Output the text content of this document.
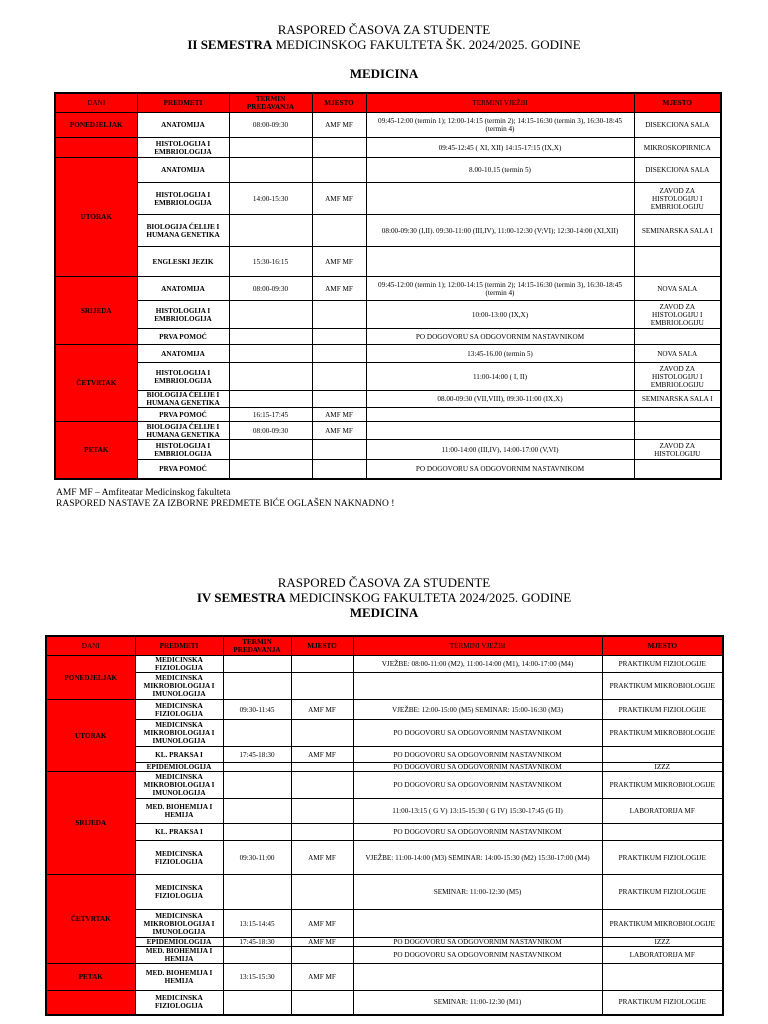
RASPORED ČASOVA ZA STUDENTE
II SEMESTRA MEDICINSKOG FAKULTETA ŠK. 2024/2025. GODINE
MEDICINA
DANI	PREDMETI	TERMIN PREDAVANJA	MJESTO	TERMINI VJEŽBI	MJESTO
PONEDJELJAK	ANATOMIJA	08:00-09:30	AMF MF	09:45-12:00 (termin 1); 12:00-14:15 (termin 2); 14:15-16:30 (termin 3), 16:30-18:45 (termin 4)	DISEKCIONA SALA
	HISTOLOGIJA I EMBRIOLOGIJA			09:45-12:45 ( XI, XII) 14:15-17:15 (IX,X)	MIKROSKOPIRNICA
UTORAK	ANATOMIJA			8.00-10.15 (termin 5)	DISEKCIONA SALA
	HISTOLOGIJA I EMBRIOLOGIJA	14:00-15:30	AMF MF		ZAVOD ZA HISTOLOGIJU I EMBRIOLOGIJU
	BIOLOGIJA ĆELIJE I HUMANA GENETIKA			08:00-09:30 (I,II). 09:30-11:00 (III,IV), 11:00-12:30 (V;VI); 12:30-14:00 (XI,XII)	SEMINARSKA SALA I
	ENGLESKI JEZIK	15:30-16:15	AMF MF		
SRIJEDA	ANATOMIJA	08:00-09:30	AMF MF	09:45-12:00 (termin 1); 12:00-14:15 (termin 2); 14:15-16:30 (termin 3), 16:30-18:45 (termin 4)	NOVA SALA
	HISTOLOGIJA I EMBRIOLOGIJA			10:00-13:00 (IX,X)	ZAVOD ZA HISTOLOGIJU I EMBRIOLOGIJU
	PRVA POMOĆ			PO DOGOVORU SA ODGOVORNIM NASTAVNIKOM	
ČETVRTAK	ANATOMIJA			13:45-16.00 (termin 5)	NOVA SALA
	HISTOLOGIJA I EMBRIOLOGIJA			11:00-14:00 ( I, II)	ZAVOD ZA HISTOLOGIJU I EMBRIOLOGIJU
	BIOLOGIJA ĆELIJE I HUMANA GENETIKA			08.00-09:30 (VII,VIII), 09:30-11:00 (IX,X)	SEMINARSKA SALA I
	PRVA POMOĆ	16:15-17:45	AMF MF		
PETAK	BIOLOGIJA ĆELIJE I HUMANA GENETIKA	08:00-09:30	AMF MF		
	HISTOLOGIJA I EMBRIOLOGIJA			11:00-14:00 (III,IV), 14:00-17:00 (V,VI)	ZAVOD ZA HISTOLOGIJU
	PRVA POMOĆ			PO DOGOVORU SA ODGOVORNIM NASTAVNIKOM	
AMF MF – Amfiteatar Medicinskog fakulteta
RASPORED NASTAVE ZA IZBORNE PREDMETE BIĆE OGLAŠEN NAKNADNO !
RASPORED ČASOVA ZA STUDENTE
IV SEMESTRA MEDICINSKOG FAKULTETA 2024/2025. GODINE
MEDICINA
DANI	PREDMETI	TERMIN PREDAVANJA	MJESTO	TERMINI VJEŽBI	MJESTO
PONEDJELJAK	MEDICINSKA FIZIOLOGIJA			VJEŽBE: 08:00-11:00 (M2), 11:00-14:00 (M1), 14:00-17:00 (M4)	PRAKTIKUM FIZIOLOGIJE
	MEDICINSKA MIKROBIOLOGIJA I IMUNOLOGIJA				PRAKTIKUM MIKROBIOLOGIJE
UTORAK	MEDICINSKA FIZIOLOGIJA	09:30-11:45	AMF MF	VJEŽBE: 12:00-15:00 (M5) SEMINAR: 15:00-16:30 (M3)	PRAKTIKUM FIZIOLOGIJE
	MEDICINSKA MIKROBIOLOGIJA I IMUNOLOGIJA			PO DOGOVORU SA ODGOVORNIM NASTAVNIKOM	PRAKTIKUM MIKROBIOLOGIJE
	KL. PRAKSA I	17:45-18:30	AMF MF	PO DOGOVORU SA ODGOVORNIM NASTAVNIKOM	
	EPIDEMIOLOGIJA			PO DOGOVORU SA ODGOVORNIM NASTAVNIKOM	IZZZ
SRIJEDA	MEDICINSKA MIKROBIOLOGIJA I IMUNOLOGIJA			PO DOGOVORU SA ODGOVORNIM NASTAVNIKOM	PRAKTIKUM MIKROBIOLOGIJE
	MED. BIOHEMIJA I HEMIJA			11:00-13:15 ( G V) 13:15-15:30 ( G IV) 15:30-17:45 (G II)	LABORATORIJA MF
	KL. PRAKSA I			PO DOGOVORU SA ODGOVORNIM NASTAVNIKOM	
	MEDICINSKA FIZIOLOGIJA	09:30-11:00	AMF MF	VJEŽBE: 11:00-14:00 (M3) SEMINAR: 14:00-15:30 (M2) 15:30-17:00 (M4)	PRAKTIKUM FIZIOLOGIJE
ČETVRTAK	MEDICINSKA FIZIOLOGIJA			SEMINAR: 11:00-12:30 (M5)	PRAKTIKUM FIZIOLOGIJE
	MEDICINSKA MIKROBIOLOGIJA I IMUNOLOGIJA	13:15-14:45	AMF MF		PRAKTIKUM MIKROBIOLOGIJE
	EPIDEMIOLOGIJA	17:45-18:30	AMF MF	PO DOGOVORU SA ODGOVORNIM NASTAVNIKOM	IZZZ
	MED. BIOHEMIJA I HEMIJA			PO DOGOVORU SA ODGOVORNIM NASTAVNIKOM	LABORATORIJA MF
PETAK	MED. BIOHEMIJA I HEMIJA	13:15-15:30	AMF MF		
	MEDICINSKA FIZIOLOGIJA			SEMINAR: 11:00-12:30 (M1)	PRAKTIKUM FIZIOLOGIJE
